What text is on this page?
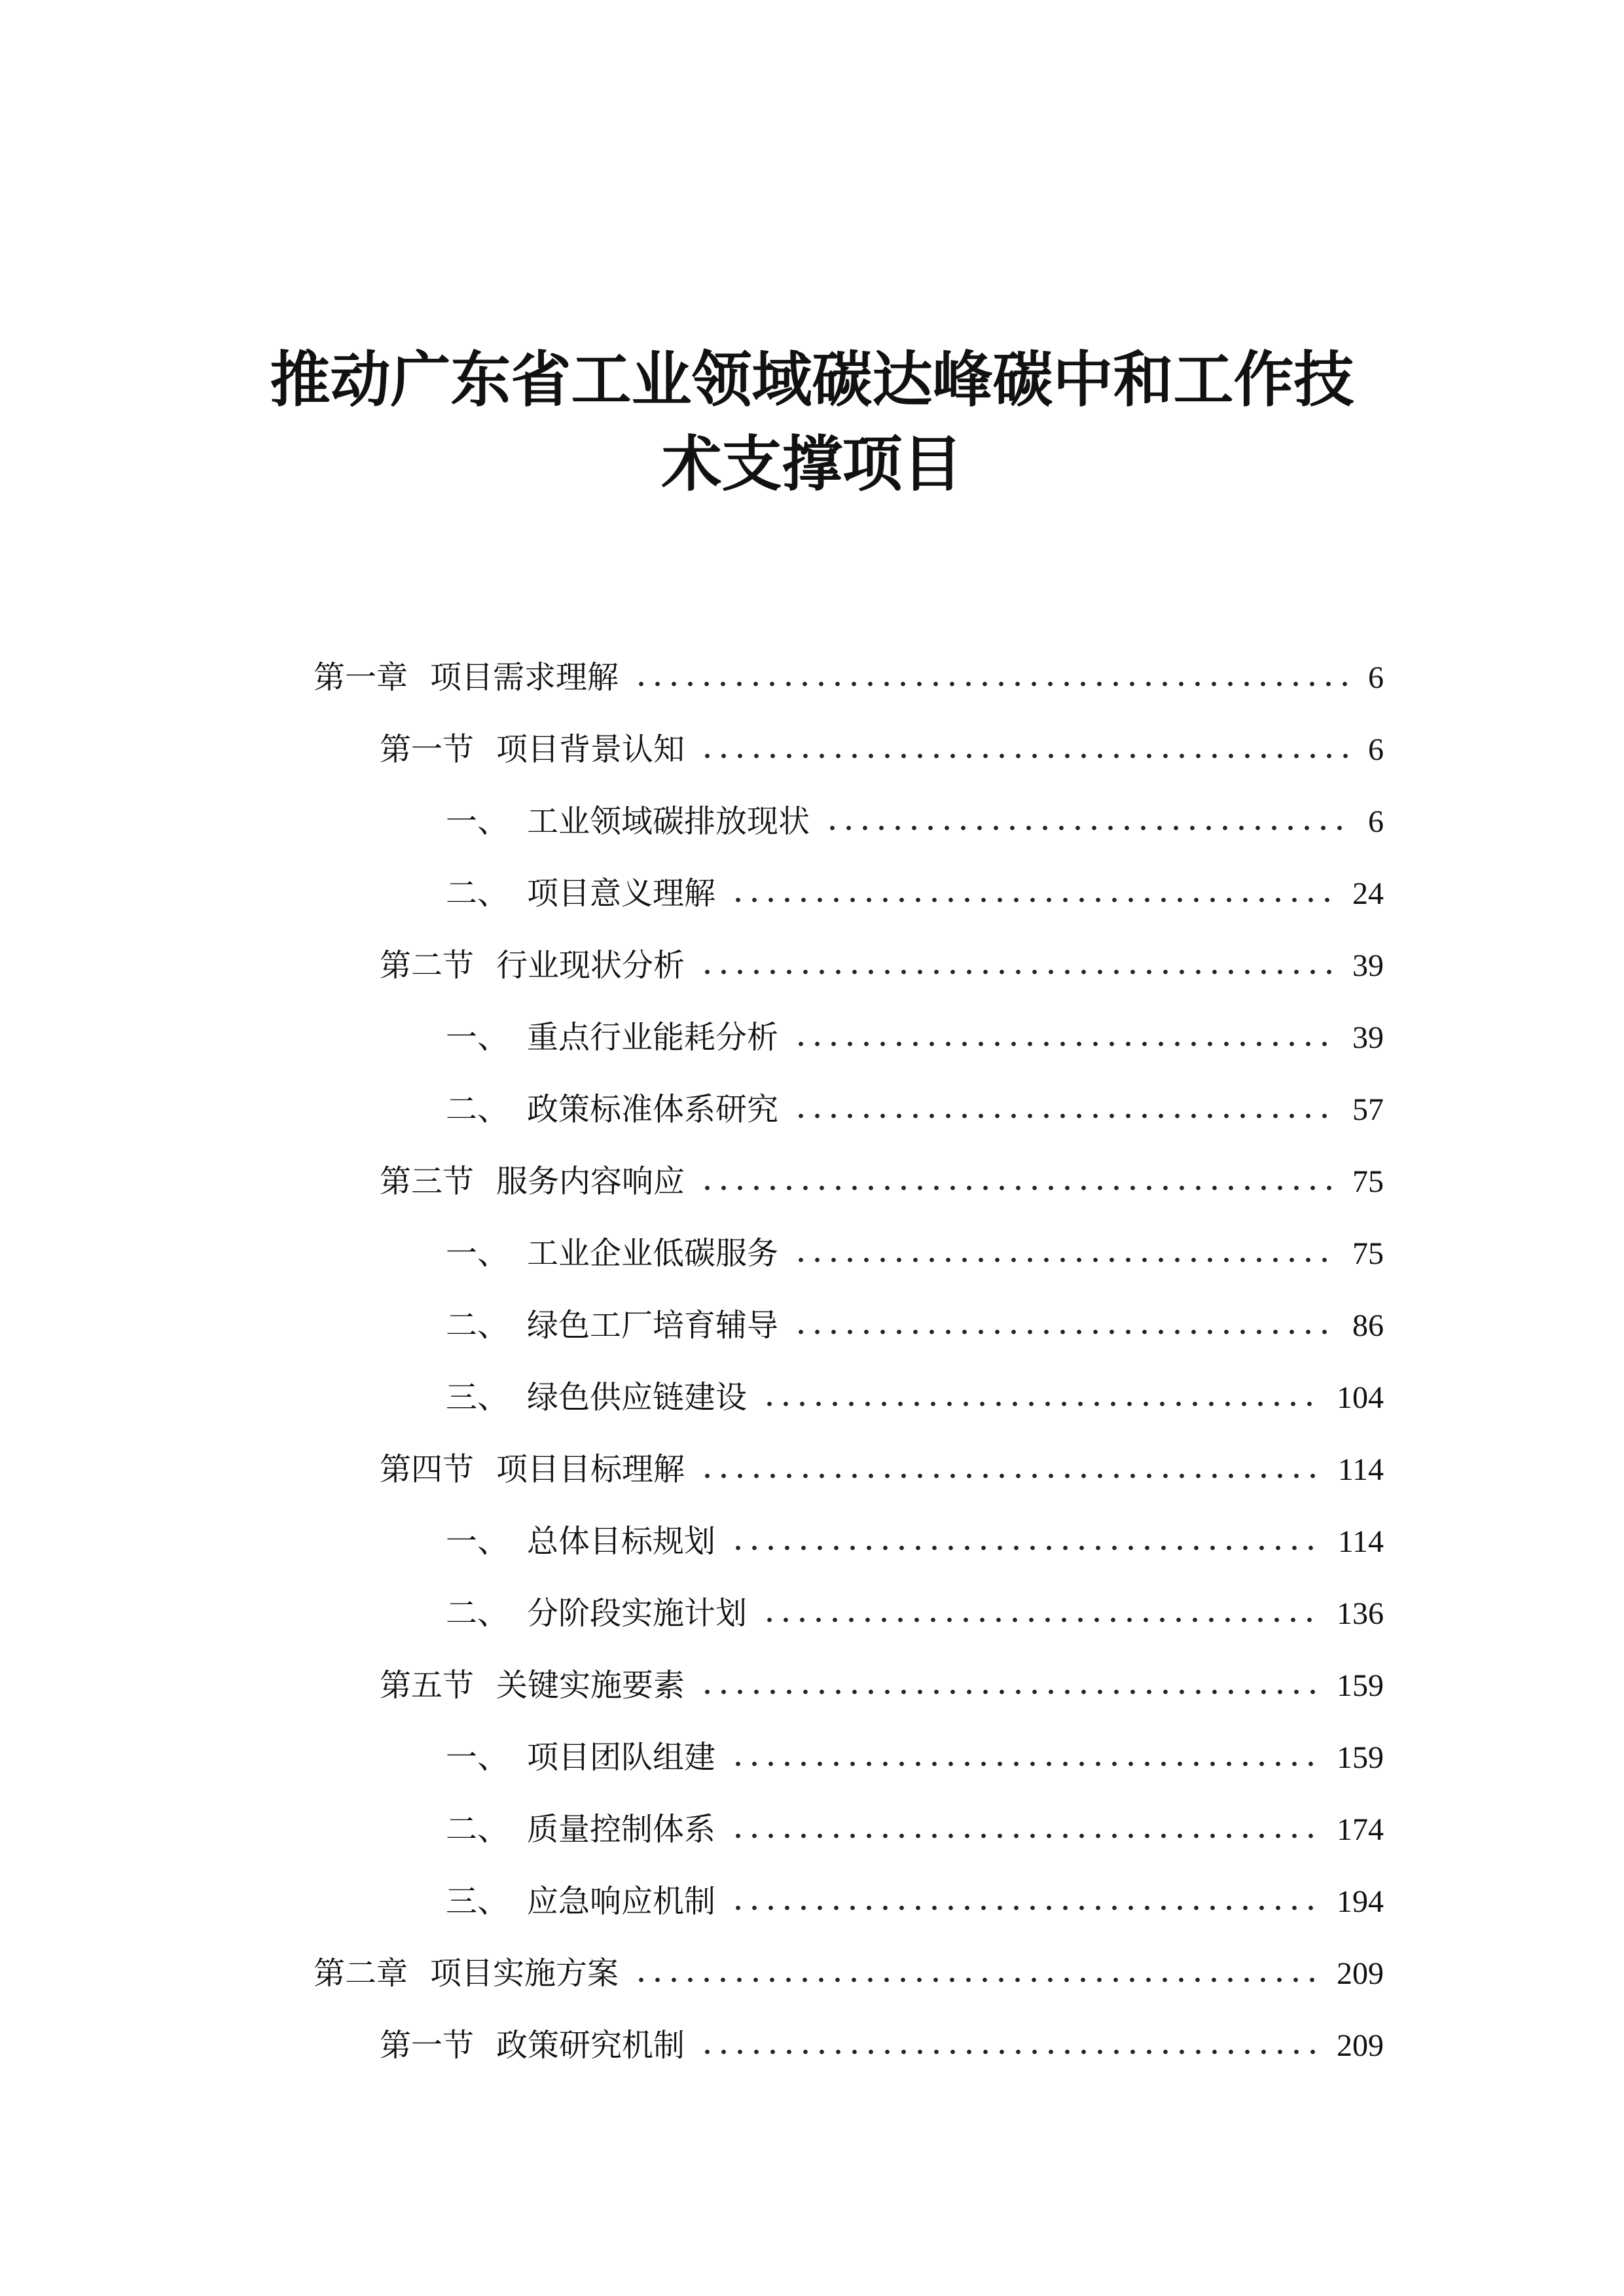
推动广东省工业领域碳达峰碳中和工作技
术支撑项目
第一章 项目需求理解	6
第一节 项目背景认知	6
一、 工业领域碳排放现状	6
二、 项目意义理解	24
第二节 行业现状分析	39
一、 重点行业能耗分析	39
二、 政策标准体系研究	57
第三节 服务内容响应	75
一、 工业企业低碳服务	75
二、 绿色工厂培育辅导	86
三、 绿色供应链建设	104
第四节 项目目标理解	114
一、 总体目标规划	114
二、 分阶段实施计划	136
第五节 关键实施要素	159
一、 项目团队组建	159
二、 质量控制体系	174
三、 应急响应机制	194
第二章 项目实施方案	209
第一节 政策研究机制	209
